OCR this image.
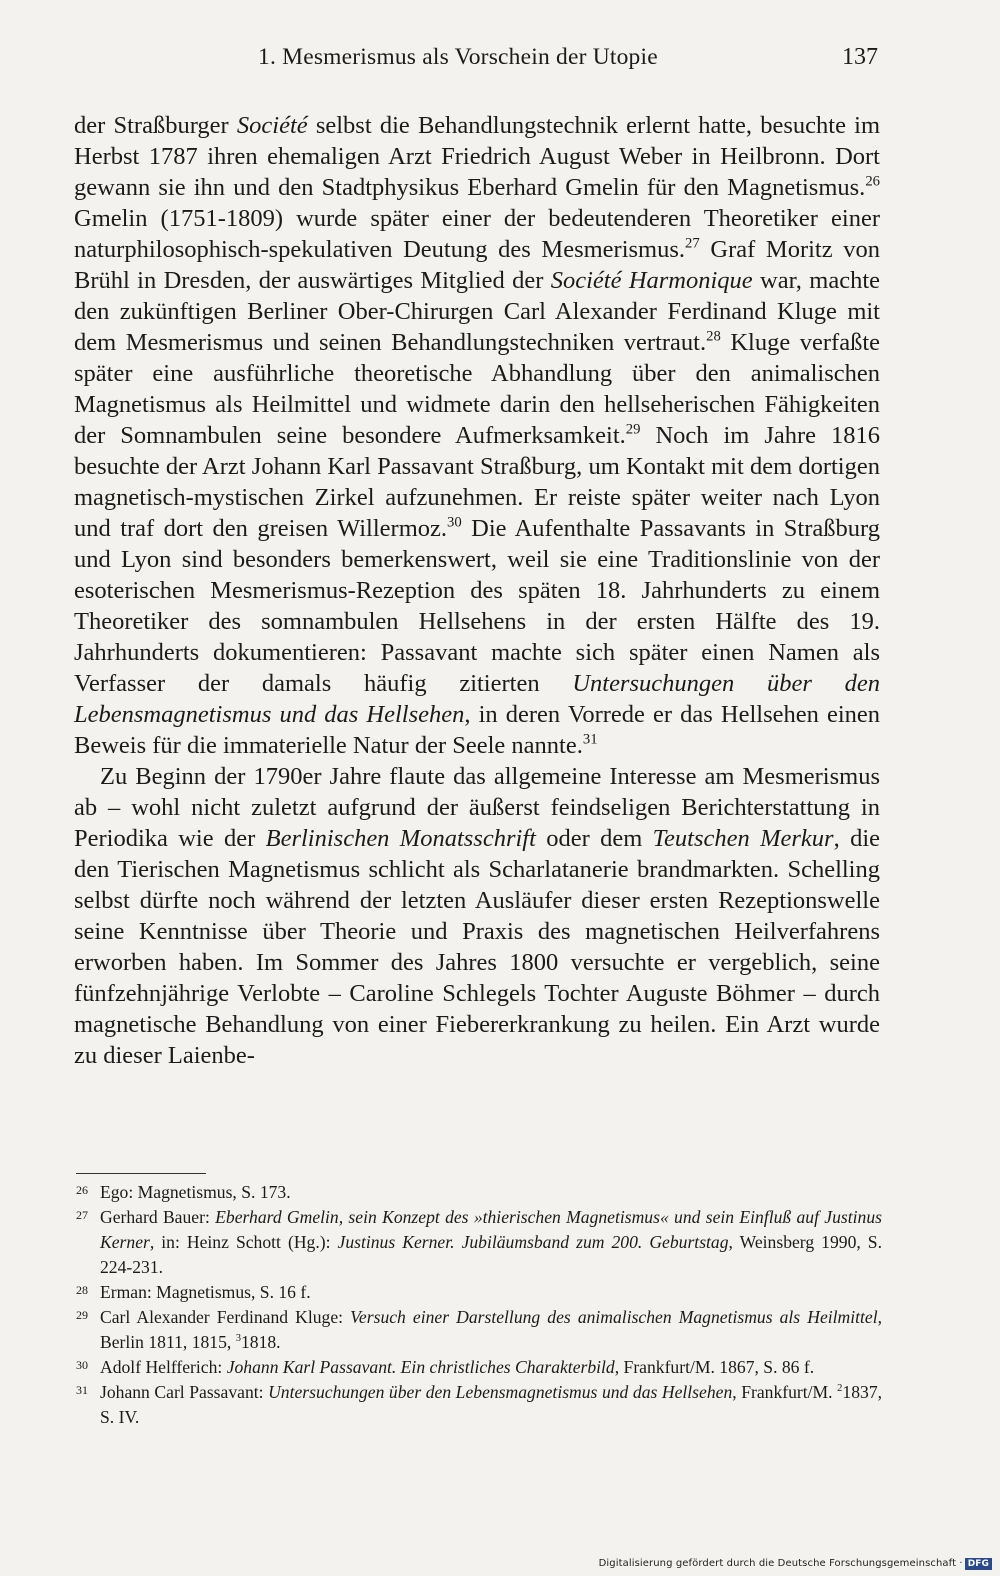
1. Mesmerismus als Vorschein der Utopie	137

der Straßburger Société selbst die Behandlungstechnik erlernt hatte, besuchte im Herbst 1787 ihren ehemaligen Arzt Friedrich August Weber in Heilbronn. Dort gewann sie ihn und den Stadtphysikus Eberhard Gmelin für den Magnetismus.$^{26}$ Gmelin (1751-1809) wurde später einer der bedeutenderen Theoretiker einer naturphilosophisch-spekulativen Deutung des Mesmerismus.$^{27}$ Graf Moritz von Brühl in Dresden, der auswärtiges Mitglied der Société Harmonique war, machte den zukünftigen Berliner Ober-Chirurgen Carl Alexander Ferdinand Kluge mit dem Mesmerismus und seinen Behandlungstechniken vertraut.$^{28}$ Kluge verfaßte später eine ausführliche theoretische Abhandlung über den animalischen Magnetismus als Heilmittel und widmete darin den hellseherischen Fähigkeiten der Somnambulen seine besondere Aufmerksamkeit.$^{29}$ Noch im Jahre 1816 besuchte der Arzt Johann Karl Passavant Straßburg, um Kontakt mit dem dortigen magnetisch-mystischen Zirkel aufzunehmen. Er reiste später weiter nach Lyon und traf dort den greisen Willermoz.$^{30}$ Die Aufenthalte Passavants in Straßburg und Lyon sind besonders bemerkenswert, weil sie eine Traditionslinie von der esoterischen Mesmerismus-Rezeption des späten 18. Jahrhunderts zu einem Theoretiker des somnambulen Hellsehens in der ersten Hälfte des 19. Jahrhunderts dokumentieren: Passavant machte sich später einen Namen als Verfasser der damals häufig zitierten Untersuchungen über den Lebensmagnetismus und das Hellsehen, in deren Vorrede er das Hellsehen einen Beweis für die immaterielle Natur der Seele nannte.$^{31}$

Zu Beginn der 1790er Jahre flaute das allgemeine Interesse am Mesmerismus ab – wohl nicht zuletzt aufgrund der äußerst feindseligen Berichterstattung in Periodika wie der Berlinischen Monatsschrift oder dem Teutschen Merkur, die den Tierischen Magnetismus schlicht als Scharlatanerie brandmarkten. Schelling selbst dürfte noch während der letzten Ausläufer dieser ersten Rezeptionswelle seine Kenntnisse über Theorie und Praxis des magnetischen Heilverfahrens erworben haben. Im Sommer des Jahres 1800 versuchte er vergeblich, seine fünfzehnjährige Verlobte – Caroline Schlegels Tochter Auguste Böhmer – durch magnetische Behandlung von einer Fiebererkrankung zu heilen. Ein Arzt wurde zu dieser Laienbe-

26 Ego: Magnetismus, S. 173.
27 Gerhard Bauer: Eberhard Gmelin, sein Konzept des »thierischen Magnetismus« und sein Einfluß auf Justinus Kerner, in: Heinz Schott (Hg.): Justinus Kerner. Jubiläumsband zum 200. Geburtstag, Weinsberg 1990, S. 224-231.
28 Erman: Magnetismus, S. 16 f.
29 Carl Alexander Ferdinand Kluge: Versuch einer Darstellung des animalischen Magnetismus als Heilmittel, Berlin 1811, 1815, $^3$1818.
30 Adolf Helfferich: Johann Karl Passavant. Ein christliches Charakterbild, Frankfurt/M. 1867, S. 86 f.
31 Johann Carl Passavant: Untersuchungen über den Lebensmagnetismus und das Hellsehen, Frankfurt/M. $^2$1837, S. IV.
Digitalisierung gefördert durch die Deutsche Forschungsgemeinschaft · DFG
